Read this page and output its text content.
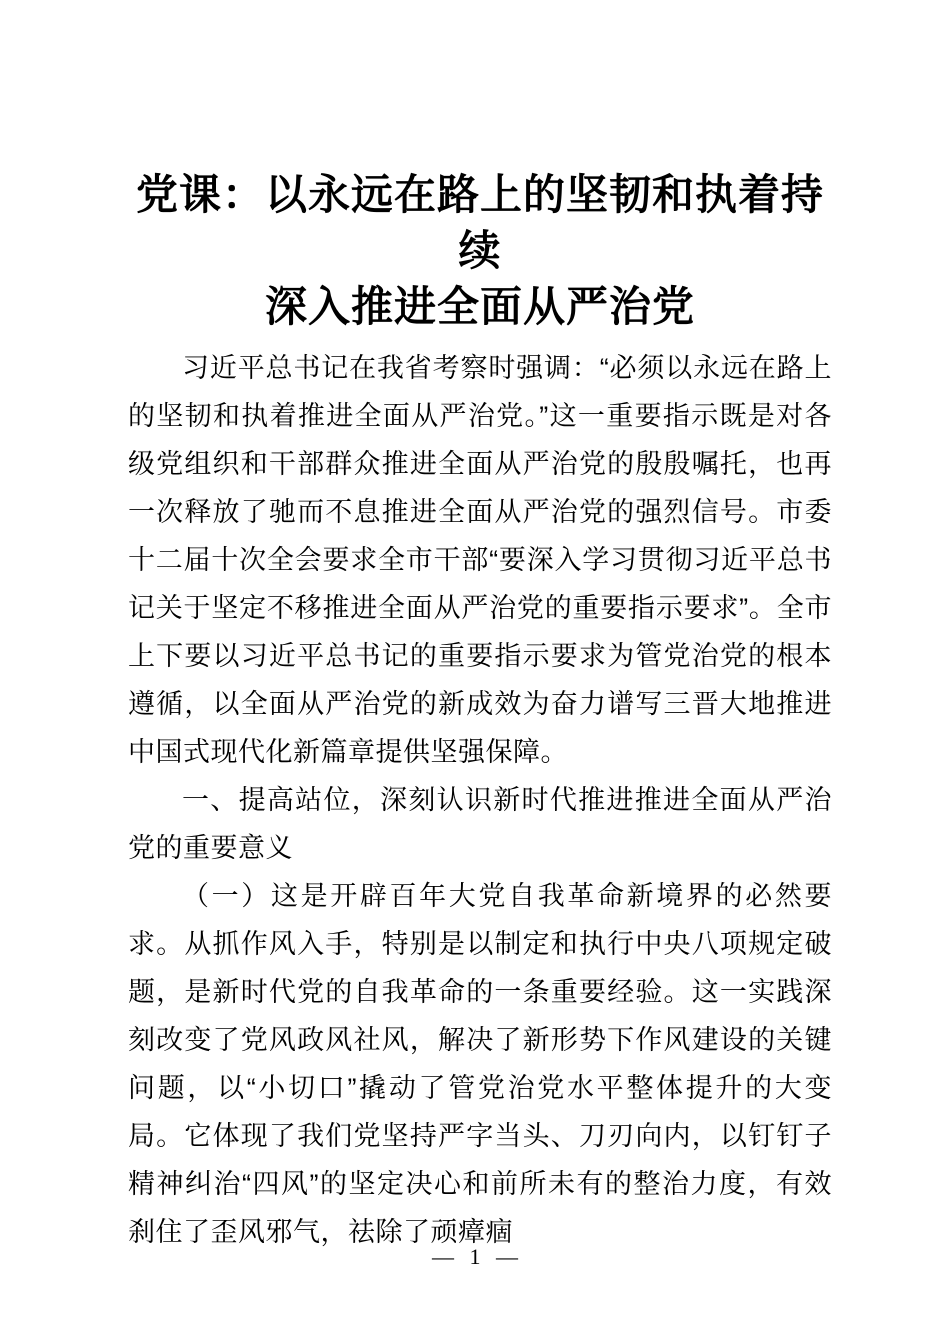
党课：以永远在路上的坚韧和执着持续
深入推进全面从严治党

习近平总书记在我省考察时强调：“必须以永远在路上的坚韧和执着推进全面从严治党。”这一重要指示既是对各级党组织和干部群众推进全面从严治党的殷殷嘱托，也再一次释放了驰而不息推进全面从严治党的强烈信号。市委十二届十次全会要求全市干部“要深入学习贯彻习近平总书记关于坚定不移推进全面从严治党的重要指示要求”。全市上下要以习近平总书记的重要指示要求为管党治党的根本遵循，以全面从严治党的新成效为奋力谱写三晋大地推进中国式现代化新篇章提供坚强保障。

一、提高站位，深刻认识新时代推进推进全面从严治党的重要意义

（一）这是开辟百年大党自我革命新境界的必然要求。从抓作风入手，特别是以制定和执行中央八项规定破题，是新时代党的自我革命的一条重要经验。这一实践深刻改变了党风政风社风，解决了新形势下作风建设的关键问题，以“小切口”撬动了管党治党水平整体提升的大变局。它体现了我们党坚持严字当头、刀刃向内，以钉钉子精神纠治“四风”的坚定决心和前所未有的整治力度，有效刹住了歪风邪气，祛除了顽瘴痼

— 1 —
